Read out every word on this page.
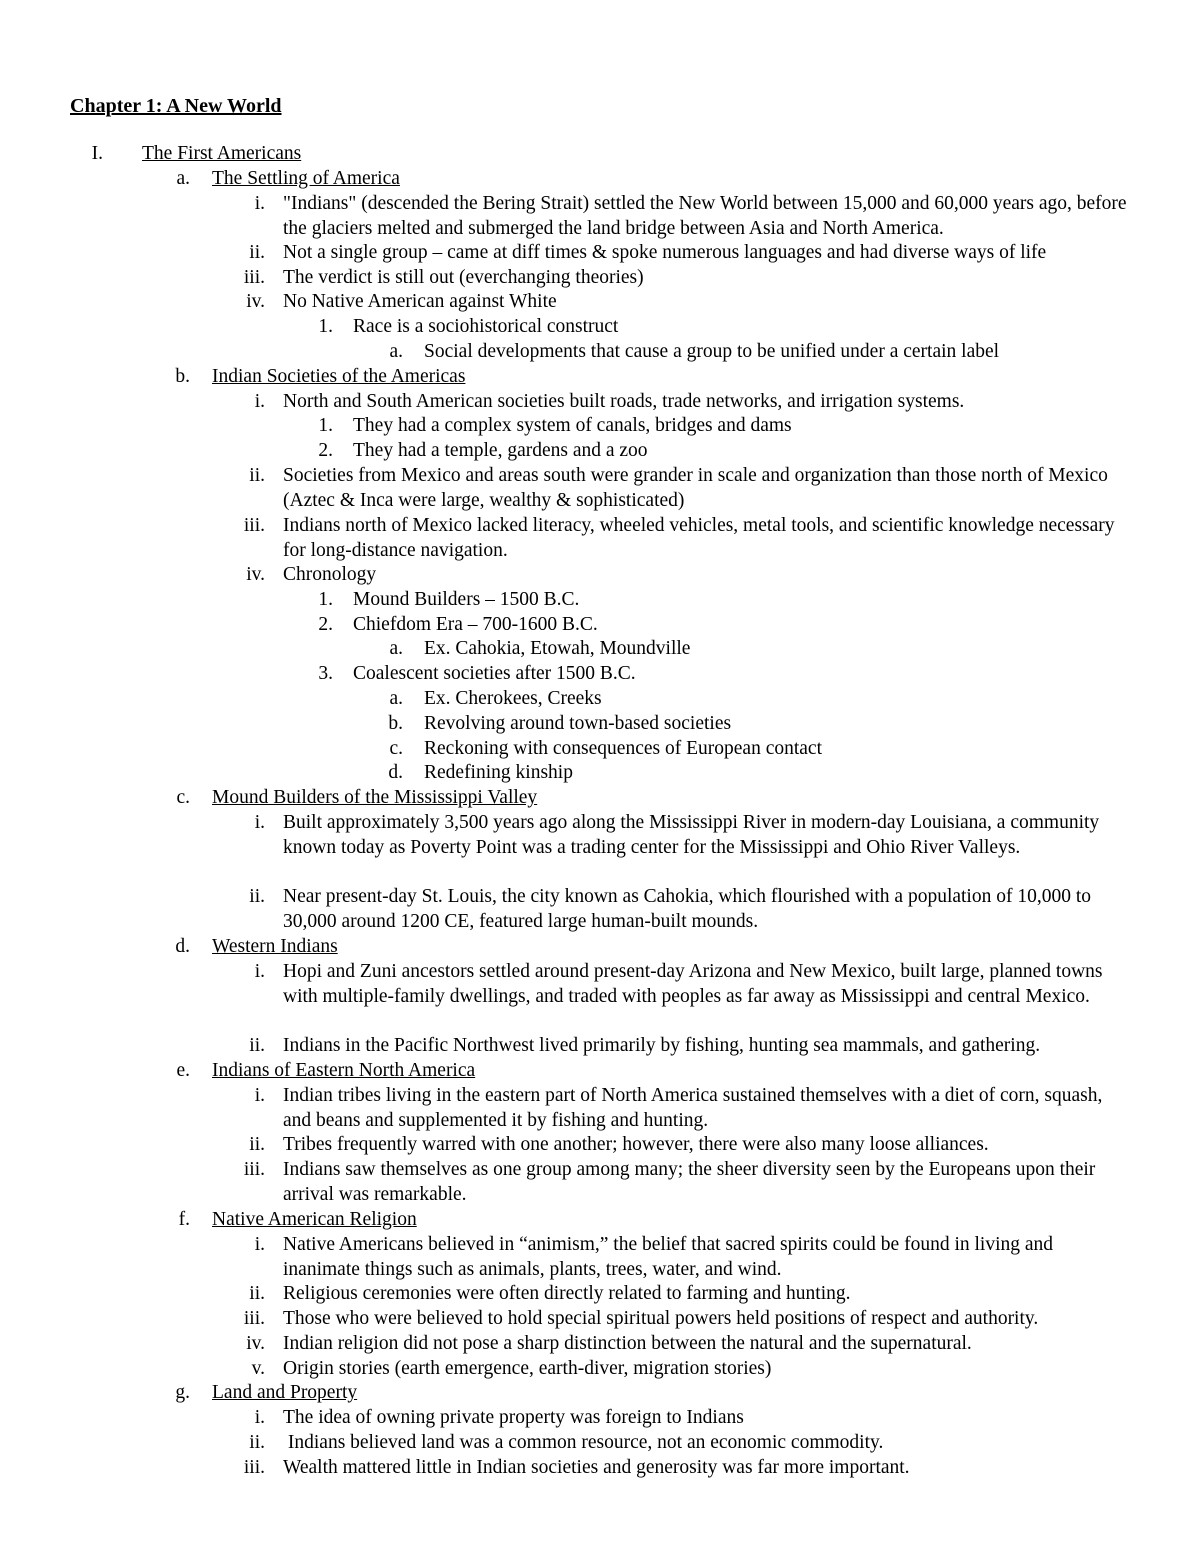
Chapter 1: A New World
I. The First Americans
a. The Settling of America
i. "Indians" (descended the Bering Strait) settled the New World between 15,000 and 60,000 years ago, before the glaciers melted and submerged the land bridge between Asia and North America.
ii. Not a single group – came at diff times & spoke numerous languages and had diverse ways of life
iii. The verdict is still out (everchanging theories)
iv. No Native American against White
1. Race is a sociohistorical construct
a. Social developments that cause a group to be unified under a certain label
b. Indian Societies of the Americas
i. North and South American societies built roads, trade networks, and irrigation systems.
1. They had a complex system of canals, bridges and dams
2. They had a temple, gardens and a zoo
ii. Societies from Mexico and areas south were grander in scale and organization than those north of Mexico (Aztec & Inca were large, wealthy & sophisticated)
iii. Indians north of Mexico lacked literacy, wheeled vehicles, metal tools, and scientific knowledge necessary for long-distance navigation.
iv. Chronology
1. Mound Builders – 1500 B.C.
2. Chiefdom Era – 700-1600 B.C.
a. Ex. Cahokia, Etowah, Moundville
3. Coalescent societies after 1500 B.C.
a. Ex. Cherokees, Creeks
b. Revolving around town-based societies
c. Reckoning with consequences of European contact
d. Redefining kinship
c. Mound Builders of the Mississippi Valley
i. Built approximately 3,500 years ago along the Mississippi River in modern-day Louisiana, a community known today as Poverty Point was a trading center for the Mississippi and Ohio River Valleys.
ii. Near present-day St. Louis, the city known as Cahokia, which flourished with a population of 10,000 to 30,000 around 1200 CE, featured large human-built mounds.
d. Western Indians
i. Hopi and Zuni ancestors settled around present-day Arizona and New Mexico, built large, planned towns with multiple-family dwellings, and traded with peoples as far away as Mississippi and central Mexico.
ii. Indians in the Pacific Northwest lived primarily by fishing, hunting sea mammals, and gathering.
e. Indians of Eastern North America
i. Indian tribes living in the eastern part of North America sustained themselves with a diet of corn, squash, and beans and supplemented it by fishing and hunting.
ii. Tribes frequently warred with one another; however, there were also many loose alliances.
iii. Indians saw themselves as one group among many; the sheer diversity seen by the Europeans upon their arrival was remarkable.
f. Native American Religion
i. Native Americans believed in “animism,” the belief that sacred spirits could be found in living and inanimate things such as animals, plants, trees, water, and wind.
ii. Religious ceremonies were often directly related to farming and hunting.
iii. Those who were believed to hold special spiritual powers held positions of respect and authority.
iv. Indian religion did not pose a sharp distinction between the natural and the supernatural.
v. Origin stories (earth emergence, earth-diver, migration stories)
g. Land and Property
i. The idea of owning private property was foreign to Indians
ii. Indians believed land was a common resource, not an economic commodity.
iii. Wealth mattered little in Indian societies and generosity was far more important.
